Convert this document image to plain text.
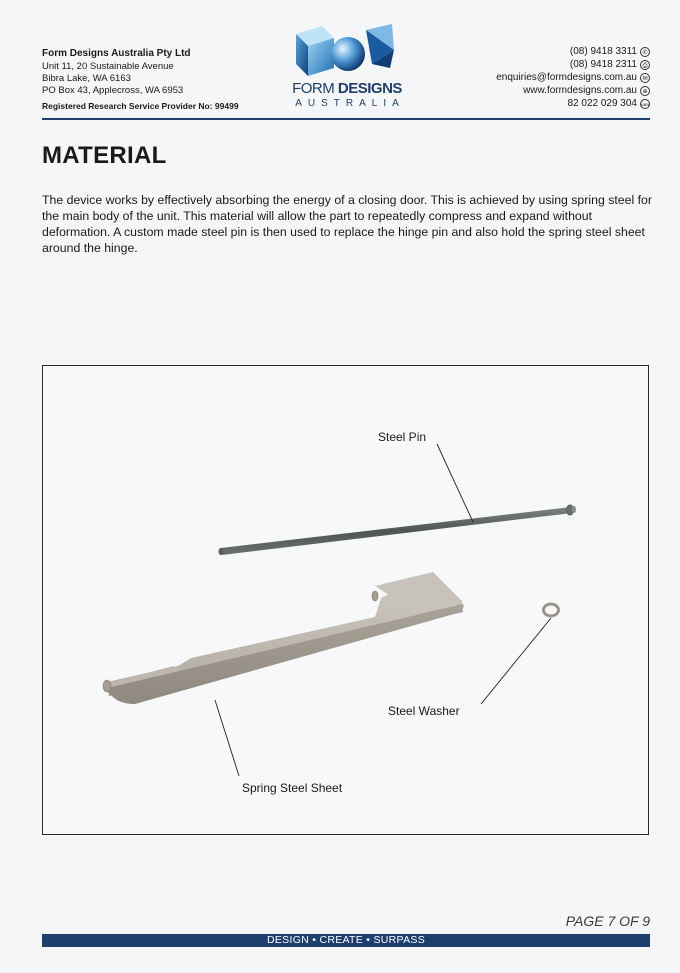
Form Designs Australia Pty Ltd
Unit 11, 20 Sustainable Avenue
Bibra Lake, WA 6163
PO Box 43, Applecross, WA 6953
Registered Research Service Provider No: 99499
FORM DESIGNS
AUSTRALIA
(08) 9418 3311 ✆
(08) 9418 2311 ⎙
enquiries@formdesigns.com.au ✉
www.formdesigns.com.au ⊕
82 022 029 304 ABN
MATERIAL
The device works by effectively absorbing the energy of a closing door. This is achieved by using spring steel for the main body of the unit. This material will allow the part to repeatedly compress and expand without deformation. A custom made steel pin is then used to replace the hinge pin and also hold the spring steel sheet around the hinge.
Steel Pin
Steel Washer
Spring Steel Sheet
PAGE 7 OF 9
DESIGN • CREATE • SURPASS
